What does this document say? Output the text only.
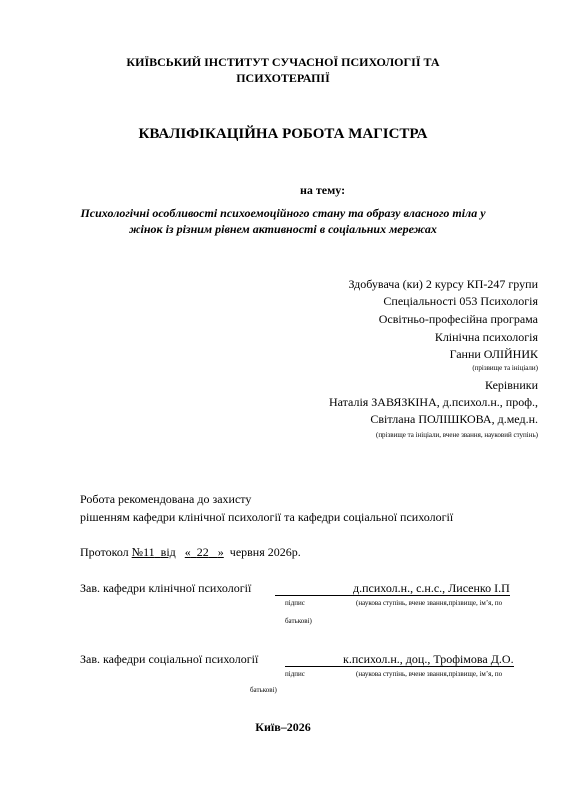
КИЇВСЬКИЙ ІНСТИТУТ СУЧАСНОЇ ПСИХОЛОГІЇ ТА
ПСИХОТЕРАПІЇ
КВАЛІФІКАЦІЙНА РОБОТА МАГІСТРА
на тему:
Психологічні особливості психоемоційного стану та образу власного тіла у
жінок із різним рівнем активності в соціальних мережах
Здобувача (ки) 2 курсу КП-247 групи
Спеціальності 053 Психологія
Освітньо-професійна програма
Клінічна психологія
Ганни ОЛІЙНИК
(прізвище та ініціали)
Керівники
Наталія ЗАВЯЗКІНА, д.психол.н., проф.,
Світлана ПОЛІШКОВА, д.мед.н.
(прізвище та ініціали, вчене звання, науковий ступінь)
Робота рекомендована до захисту
рішенням кафедри клінічної психології та кафедри соціальної психології
Протокол №11 від « 22 » червня 2026р.
Зав. кафедри клінічної психології	д.психол.н., с.н.с., Лисенко І.П
підпис	(наукова ступінь, вчене звання,прізвище, ім’я, по
батькові)
Зав. кафедри соціальної психології	к.психол.н., доц., Трофімова Д.О.
підпис	(наукова ступінь, вчене звання,прізвище, ім’я, по
батькові)
Київ–2026
